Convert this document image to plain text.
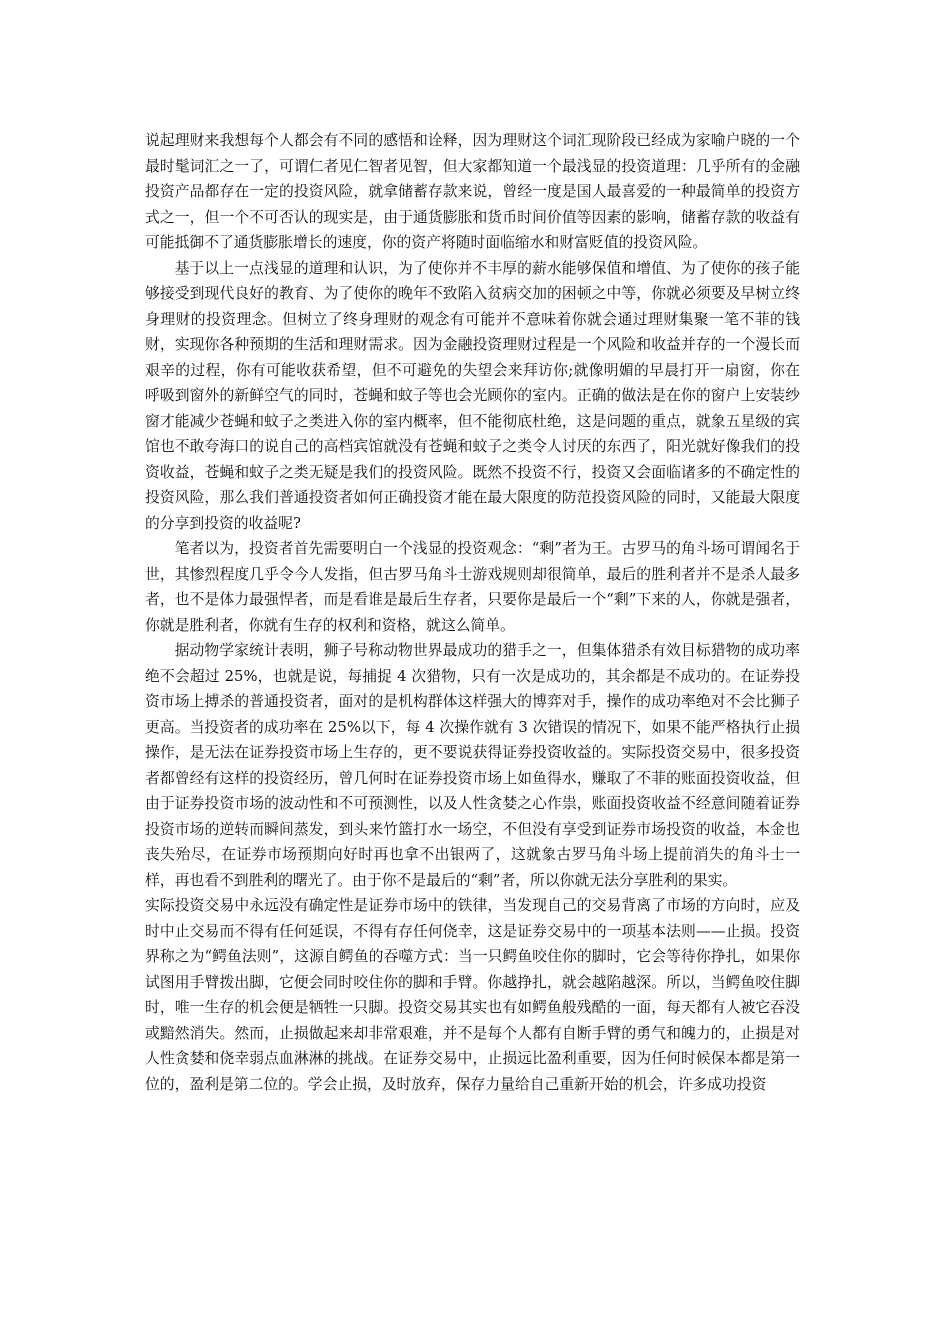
说起理财来我想每个人都会有不同的感悟和诠释，因为理财这个词汇现阶段已经成为家喻户晓的一个最时髦词汇之一了，可谓仁者见仁智者见智，但大家都知道一个最浅显的投资道理：几乎所有的金融投资产品都存在一定的投资风险，就拿储蓄存款来说，曾经一度是国人最喜爱的一种最简单的投资方式之一，但一个不可否认的现实是，由于通货膨胀和货币时间价值等因素的影响，储蓄存款的收益有可能抵御不了通货膨胀增长的速度，你的资产将随时面临缩水和财富贬值的投资风险。

基于以上一点浅显的道理和认识，为了使你并不丰厚的薪水能够保值和增值、为了使你的孩子能够接受到现代良好的教育、为了使你的晚年不致陷入贫病交加的困顿之中等，你就必须要及早树立终身理财的投资理念。但树立了终身理财的观念有可能并不意味着你就会通过理财集聚一笔不菲的钱财，实现你各种预期的生活和理财需求。因为金融投资理财过程是一个风险和收益并存的一个漫长而艰辛的过程，你有可能收获希望，但不可避免的失望会来拜访你;就像明媚的早晨打开一扇窗，你在呼吸到窗外的新鲜空气的同时，苍蝇和蚊子等也会光顾你的室内。正确的做法是在你的窗户上安装纱窗才能减少苍蝇和蚊子之类进入你的室内概率，但不能彻底杜绝，这是问题的重点，就象五星级的宾馆也不敢夸海口的说自己的高档宾馆就没有苍蝇和蚊子之类令人讨厌的东西了，阳光就好像我们的投资收益，苍蝇和蚊子之类无疑是我们的投资风险。既然不投资不行，投资又会面临诸多的不确定性的投资风险，那么我们普通投资者如何正确投资才能在最大限度的防范投资风险的同时，又能最大限度的分享到投资的收益呢?

笔者以为，投资者首先需要明白一个浅显的投资观念：“剩”者为王。古罗马的角斗场可谓闻名于世，其惨烈程度几乎令今人发指，但古罗马角斗士游戏规则却很简单，最后的胜利者并不是杀人最多者，也不是体力最强悍者，而是看谁是最后生存者，只要你是最后一个“剩”下来的人，你就是强者，你就是胜利者，你就有生存的权利和资格，就这么简单。

据动物学家统计表明，狮子号称动物世界最成功的猎手之一，但集体猎杀有效目标猎物的成功率绝不会超过 25%，也就是说，每捕捉 4 次猎物，只有一次是成功的，其余都是不成功的。在证券投资市场上搏杀的普通投资者，面对的是机构群体这样强大的博弈对手，操作的成功率绝对不会比狮子更高。当投资者的成功率在 25%以下，每 4 次操作就有 3 次错误的情况下，如果不能严格执行止损操作，是无法在证券投资市场上生存的，更不要说获得证券投资收益的。实际投资交易中，很多投资者都曾经有这样的投资经历，曾几何时在证券投资市场上如鱼得水，赚取了不菲的账面投资收益，但由于证券投资市场的波动性和不可预测性，以及人性贪婪之心作祟，账面投资收益不经意间随着证券投资市场的逆转而瞬间蒸发，到头来竹篮打水一场空，不但没有享受到证券市场投资的收益，本金也丧失殆尽，在证券市场预期向好时再也拿不出银两了，这就象古罗马角斗场上提前消失的角斗士一样，再也看不到胜利的曙光了。由于你不是最后的“剩”者，所以你就无法分享胜利的果实。

实际投资交易中永远没有确定性是证券市场中的铁律，当发现自己的交易背离了市场的方向时，应及时中止交易而不得有任何延误，不得有存任何侥幸，这是证券交易中的一项基本法则——止损。投资界称之为“鳄鱼法则”，这源自鳄鱼的吞噬方式：当一只鳄鱼咬住你的脚时，它会等待你挣扎，如果你试图用手臂拨出脚，它便会同时咬住你的脚和手臂。你越挣扎，就会越陷越深。所以，当鳄鱼咬住脚时，唯一生存的机会便是牺牲一只脚。投资交易其实也有如鳄鱼般残酷的一面，每天都有人被它吞没或黯然消失。然而，止损做起来却非常艰难，并不是每个人都有自断手臂的勇气和魄力的，止损是对人性贪婪和侥幸弱点血淋淋的挑战。在证券交易中，止损远比盈利重要，因为任何时候保本都是第一位的，盈利是第二位的。学会止损，及时放弃，保存力量给自己重新开始的机会，许多成功投资
